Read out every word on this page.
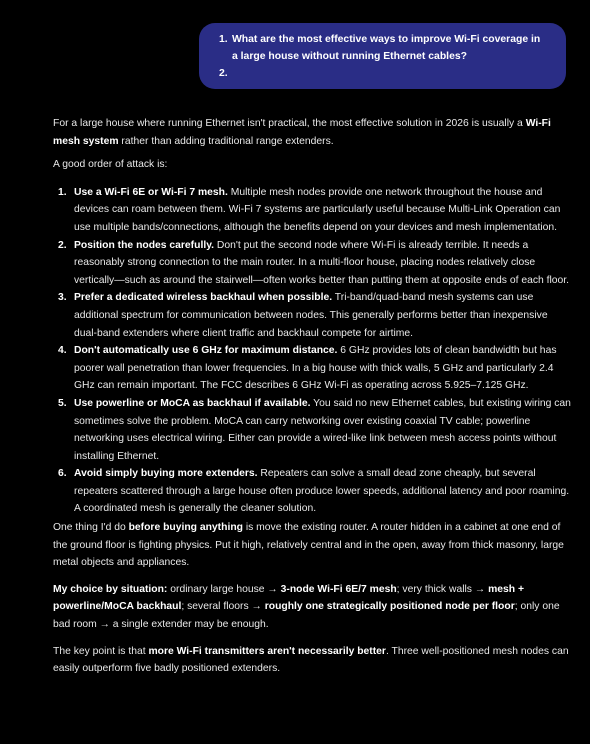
1. What are the most effective ways to improve Wi-Fi coverage in
a large house without running Ethernet cables?
2.

For a large house where running Ethernet isn't practical, the most effective solution in 2026 is usually a Wi-Fi mesh system rather than adding traditional range extenders.

A good order of attack is:

1. Use a Wi-Fi 6E or Wi-Fi 7 mesh. Multiple mesh nodes provide one network throughout the house and devices can roam between them. Wi-Fi 7 systems are particularly useful because Multi-Link Operation can use multiple bands/connections, although the benefits depend on your devices and mesh implementation.
2. Position the nodes carefully. Don't put the second node where Wi-Fi is already terrible. It needs a reasonably strong connection to the main router. In a multi-floor house, placing nodes relatively close vertically—such as around the stairwell—often works better than putting them at opposite ends of each floor.
3. Prefer a dedicated wireless backhaul when possible. Tri-band/quad-band mesh systems can use additional spectrum for communication between nodes. This generally performs better than inexpensive dual-band extenders where client traffic and backhaul compete for airtime.
4. Don't automatically use 6 GHz for maximum distance. 6 GHz provides lots of clean bandwidth but has poorer wall penetration than lower frequencies. In a big house with thick walls, 5 GHz and particularly 2.4 GHz can remain important. The FCC describes 6 GHz Wi-Fi as operating across 5.925–7.125 GHz.
5. Use powerline or MoCA as backhaul if available. You said no new Ethernet cables, but existing wiring can sometimes solve the problem. MoCA can carry networking over existing coaxial TV cable; powerline networking uses electrical wiring. Either can provide a wired-like link between mesh access points without installing Ethernet.
6. Avoid simply buying more extenders. Repeaters can solve a small dead zone cheaply, but several repeaters scattered through a large house often produce lower speeds, additional latency and poor roaming. A coordinated mesh is generally the cleaner solution.

One thing I'd do before buying anything is move the existing router. A router hidden in a cabinet at one end of the ground floor is fighting physics. Put it high, relatively central and in the open, away from thick masonry, large metal objects and appliances.

My choice by situation: ordinary large house → 3-node Wi-Fi 6E/7 mesh; very thick walls → mesh + powerline/MoCA backhaul; several floors → roughly one strategically positioned node per floor; only one bad room → a single extender may be enough.

The key point is that more Wi-Fi transmitters aren't necessarily better. Three well-positioned mesh nodes can easily outperform five badly positioned extenders.
